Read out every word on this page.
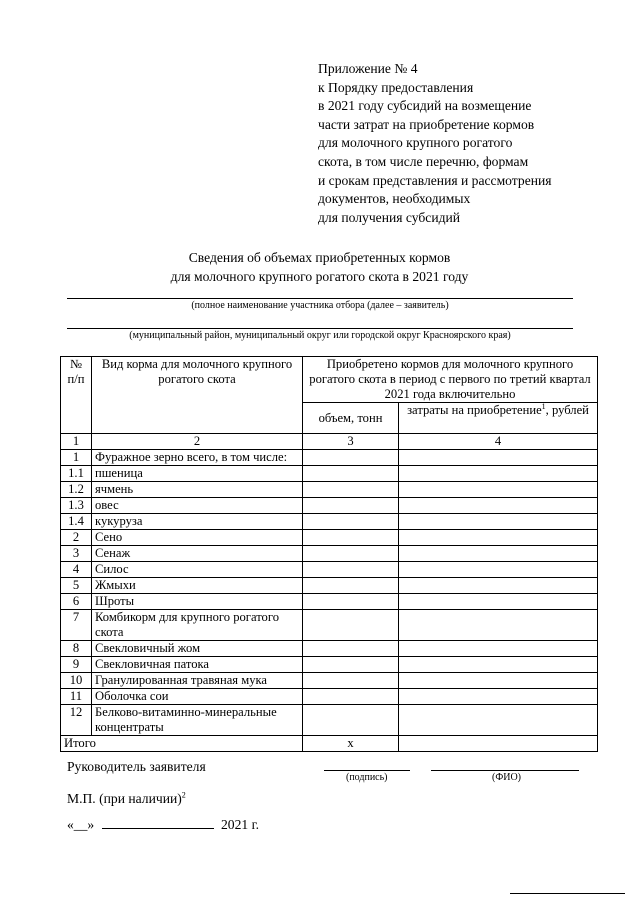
Приложение № 4
к Порядку предоставления
в 2021 году субсидий на возмещение
части затрат на приобретение кормов
для молочного крупного рогатого
скота, в том числе перечню, формам
и срокам представления и рассмотрения
документов, необходимых
для получения субсидий
Сведения об объемах приобретенных кормов
для молочного крупного рогатого скота в 2021 году
(полное наименование участника отбора (далее – заявитель)
(муниципальный район, муниципальный округ или городской округ Красноярского края)
№ п/п	Вид корма для молочного крупного рогатого скота	Приобретено кормов для молочного крупного рогатого скота в период с первого по третий квартал 2021 года включительно	
		объем, тонн	затраты на приобретение$^1$, рублей
1	2	3	4
1	Фуражное зерно всего, в том числе:		
1.1	пшеница		
1.2	ячмень		
1.3	овес		
1.4	кукуруза		
2	Сено		
3	Сенаж		
4	Силос		
5	Жмыхи		
6	Шроты		
7	Комбикорм для крупного рогатого скота		
8	Свекловичный жом		
9	Свекловичная патока		
10	Гранулированная травяная мука		
11	Оболочка сои		
12	Белково-витаминно-минеральные концентраты		
Итого		х	
Руководитель заявителя
(подпись)	(ФИО)
М.П. (при наличии)$^2$
«__»	2021 г.
